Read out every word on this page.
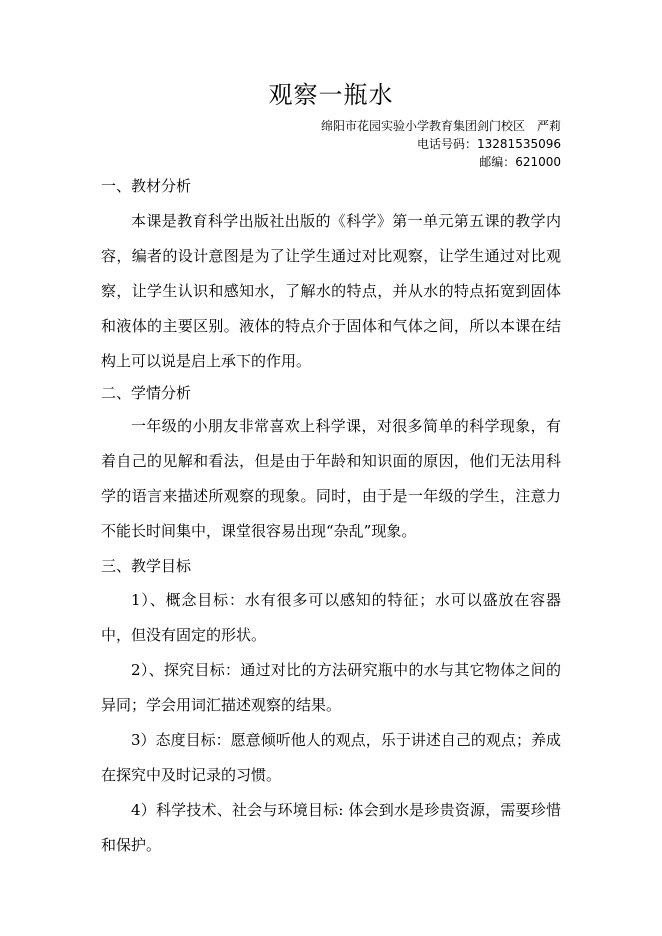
观察一瓶水
绵阳市花园实验小学教育集团剑门校区　严莉
电话号码：13281535096
邮编：621000
一、教材分析

本课是教育科学出版社出版的《科学》第一单元第五课的教学内容，编者的设计意图是为了让学生通过对比观察，让学生通过对比观察，让学生认识和感知水，了解水的特点，并从水的特点拓宽到固体和液体的主要区别。液体的特点介于固体和气体之间，所以本课在结构上可以说是启上承下的作用。

二、学情分析

一年级的小朋友非常喜欢上科学课，对很多简单的科学现象，有着自己的见解和看法，但是由于年龄和知识面的原因，他们无法用科学的语言来描述所观察的现象。同时，由于是一年级的学生，注意力不能长时间集中，课堂很容易出现“杂乱”现象。

三、教学目标

1）、概念目标：水有很多可以感知的特征；水可以盛放在容器中，但没有固定的形状。

2）、探究目标：通过对比的方法研究瓶中的水与其它物体之间的异同；学会用词汇描述观察的结果。

3）态度目标：愿意倾听他人的观点，乐于讲述自己的观点；养成在探究中及时记录的习惯。

4）科学技术、社会与环境目标: 体会到水是珍贵资源，需要珍惜和保护。
